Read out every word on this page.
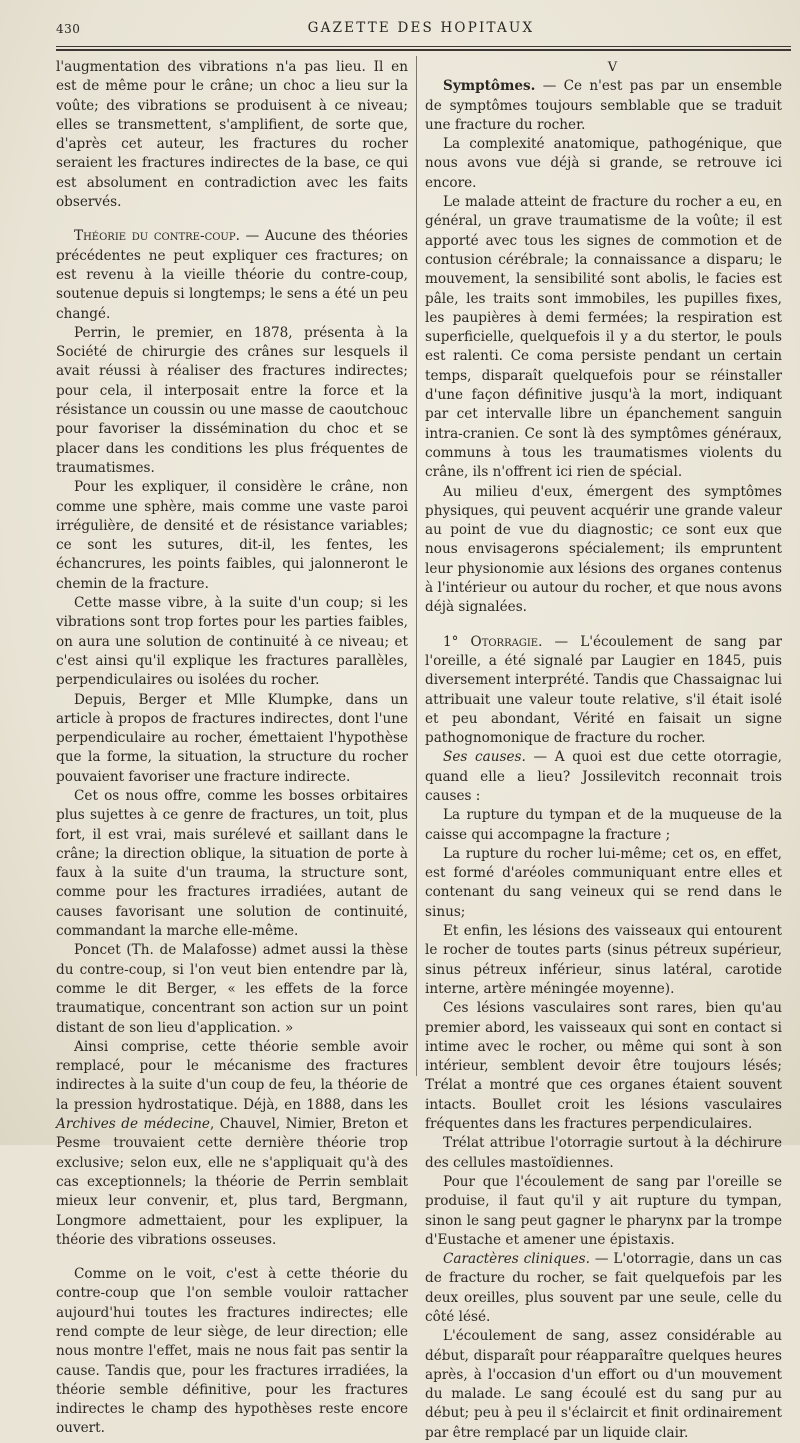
430	GAZETTE DES HOPITAUX

l'augmentation des vibrations n'a pas lieu. Il en est de même pour le crâne; un choc a lieu sur la voûte; des vibrations se produisent à ce niveau; elles se transmettent, s'amplifient, de sorte que, d'après cet auteur, les fractures du rocher seraient les fractures indirectes de la base, ce qui est absolument en contradiction avec les faits observés.

Théorie du contre-coup. — Aucune des théories précédentes ne peut expliquer ces fractures; on est revenu à la vieille théorie du contre-coup, soutenue depuis si longtemps; le sens a été un peu changé.

Perrin, le premier, en 1878, présenta à la Société de chirurgie des crânes sur lesquels il avait réussi à réaliser des fractures indirectes; pour cela, il interposait entre la force et la résistance un coussin ou une masse de caoutchouc pour favoriser la dissémination du choc et se placer dans les conditions les plus fréquentes de traumatismes.

Pour les expliquer, il considère le crâne, non comme une sphère, mais comme une vaste paroi irrégulière, de densité et de résistance variables; ce sont les sutures, dit-il, les fentes, les échancrures, les points faibles, qui jalonneront le chemin de la fracture.

Cette masse vibre, à la suite d'un coup; si les vibrations sont trop fortes pour les parties faibles, on aura une solution de continuité à ce niveau; et c'est ainsi qu'il explique les fractures parallèles, perpendiculaires ou isolées du rocher.

Depuis, Berger et Mlle Klumpke, dans un article à propos de fractures indirectes, dont l'une perpendiculaire au rocher, émettaient l'hypothèse que la forme, la situation, la structure du rocher pouvaient favoriser une fracture indirecte.

Cet os nous offre, comme les bosses orbitaires plus sujettes à ce genre de fractures, un toit, plus fort, il est vrai, mais surélevé et saillant dans le crâne; la direction oblique, la situation de porte à faux à la suite d'un trauma, la structure sont, comme pour les fractures irradiées, autant de causes favorisant une solution de continuité, commandant la marche elle-même.

Poncet (Th. de Malafosse) admet aussi la thèse du contre-coup, si l'on veut bien entendre par là, comme le dit Berger, « les effets de la force traumatique, concentrant son action sur un point distant de son lieu d'application. »

Ainsi comprise, cette théorie semble avoir remplacé, pour le mécanisme des fractures indirectes à la suite d'un coup de feu, la théorie de la pression hydrostatique. Déjà, en 1888, dans les Archives de médecine, Chauvel, Nimier, Breton et Pesme trouvaient cette dernière théorie trop exclusive; selon eux, elle ne s'appliquait qu'à des cas exceptionnels; la théorie de Perrin semblait mieux leur convenir, et, plus tard, Bergmann, Longmore admettaient, pour les explipuer, la théorie des vibrations osseuses.

Comme on le voit, c'est à cette théorie du contre-coup que l'on semble vouloir rattacher aujourd'hui toutes les fractures indirectes; elle rend compte de leur siège, de leur direction; elle nous montre l'effet, mais ne nous fait pas sentir la cause. Tandis que, pour les fractures irradiées, la théorie semble définitive, pour les fractures indirectes le champ des hypothèses reste encore ouvert.

V

Symptômes. — Ce n'est pas par un ensemble de symptômes toujours semblable que se traduit une fracture du rocher.

La complexité anatomique, pathogénique, que nous avons vue déjà si grande, se retrouve ici encore.

Le malade atteint de fracture du rocher a eu, en général, un grave traumatisme de la voûte; il est apporté avec tous les signes de commotion et de contusion cérébrale; la connaissance a disparu; le mouvement, la sensibilité sont abolis, le facies est pâle, les traits sont immobiles, les pupilles fixes, les paupières à demi fermées; la respiration est superficielle, quelquefois il y a du stertor, le pouls est ralenti. Ce coma persiste pendant un certain temps, disparaît quelquefois pour se réinstaller d'une façon définitive jusqu'à la mort, indiquant par cet intervalle libre un épanchement sanguin intra-cranien. Ce sont là des symptômes généraux, communs à tous les traumatismes violents du crâne, ils n'offrent ici rien de spécial.

Au milieu d'eux, émergent des symptômes physiques, qui peuvent acquérir une grande valeur au point de vue du diagnostic; ce sont eux que nous envisagerons spécialement; ils empruntent leur physionomie aux lésions des organes contenus à l'intérieur ou autour du rocher, et que nous avons déjà signalées.

1° Otorragie. — L'écoulement de sang par l'oreille, a été signalé par Laugier en 1845, puis diversement interprété. Tandis que Chassaignac lui attribuait une valeur toute relative, s'il était isolé et peu abondant, Vérité en faisait un signe pathognomonique de fracture du rocher.

Ses causes. — A quoi est due cette otorragie, quand elle a lieu? Jossilevitch reconnait trois causes :

La rupture du tympan et de la muqueuse de la caisse qui accompagne la fracture ;

La rupture du rocher lui-même; cet os, en effet, est formé d'aréoles communiquant entre elles et contenant du sang veineux qui se rend dans le sinus;

Et enfin, les lésions des vaisseaux qui entourent le rocher de toutes parts (sinus pétreux supérieur, sinus pétreux inférieur, sinus latéral, carotide interne, artère méningée moyenne).

Ces lésions vasculaires sont rares, bien qu'au premier abord, les vaisseaux qui sont en contact si intime avec le rocher, ou même qui sont à son intérieur, semblent devoir être toujours lésés; Trélat a montré que ces organes étaient souvent intacts. Boullet croit les lésions vasculaires fréquentes dans les fractures perpendiculaires.

Trélat attribue l'otorragie surtout à la déchirure des cellules mastoïdiennes.

Pour que l'écoulement de sang par l'oreille se produise, il faut qu'il y ait rupture du tympan, sinon le sang peut gagner le pharynx par la trompe d'Eustache et amener une épistaxis.

Caractères cliniques. — L'otorragie, dans un cas de fracture du rocher, se fait quelquefois par les deux oreilles, plus souvent par une seule, celle du côté lésé.

L'écoulement de sang, assez considérable au début, disparaît pour réapparaître quelques heures après, à l'occasion d'un effort ou d'un mouvement du malade. Le sang écoulé est du sang pur au début; peu à peu il s'éclaircit et finit ordinairement par être remplacé par un liquide clair.
